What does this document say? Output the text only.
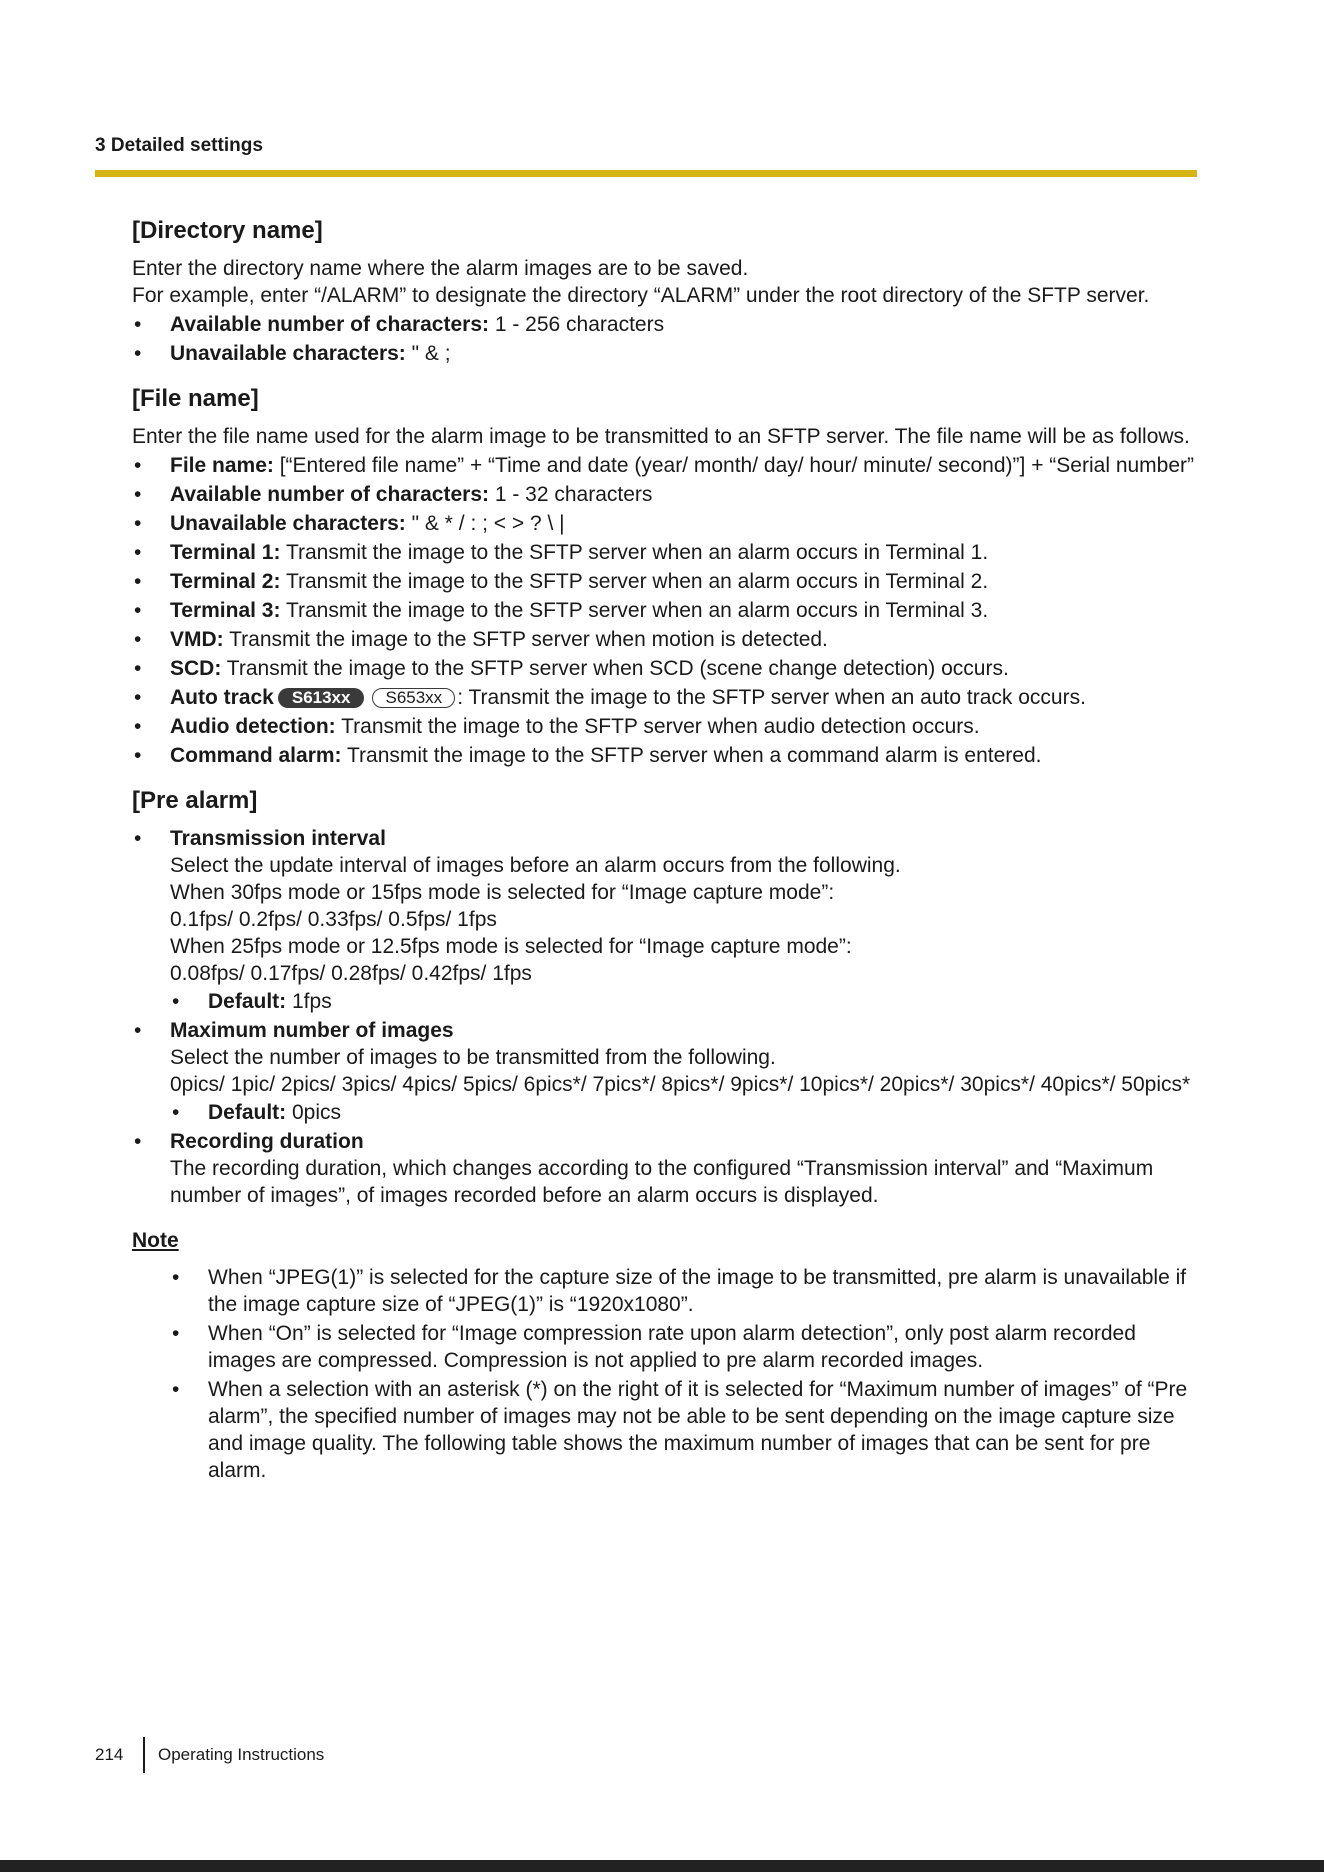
3 Detailed settings
[Directory name]

Enter the directory name where the alarm images are to be saved.

For example, enter “/ALARM” to designate the directory “ALARM” under the root directory of the SFTP server.

• Available number of characters: 1 - 256 characters
• Unavailable characters: " & ;
[File name]

Enter the file name used for the alarm image to be transmitted to an SFTP server. The file name will be as follows.

• File name: [“Entered file name” + “Time and date (year/ month/ day/ hour/ minute/ second)”] + “Serial number”
• Available number of characters: 1 - 32 characters
• Unavailable characters: " & * / : ; < > ? \ |
• Terminal 1: Transmit the image to the SFTP server when an alarm occurs in Terminal 1.
• Terminal 2: Transmit the image to the SFTP server when an alarm occurs in Terminal 2.
• Terminal 3: Transmit the image to the SFTP server when an alarm occurs in Terminal 3.
• VMD: Transmit the image to the SFTP server when motion is detected.
• SCD: Transmit the image to the SFTP server when SCD (scene change detection) occurs.
• Auto track S613xx S653xx : Transmit the image to the SFTP server when an auto track occurs.
• Audio detection: Transmit the image to the SFTP server when audio detection occurs.
• Command alarm: Transmit the image to the SFTP server when a command alarm is entered.
[Pre alarm]
• Transmission interval
Select the update interval of images before an alarm occurs from the following.
When 30fps mode or 15fps mode is selected for “Image capture mode”:
0.1fps/ 0.2fps/ 0.33fps/ 0.5fps/ 1fps
When 25fps mode or 12.5fps mode is selected for “Image capture mode”:
0.08fps/ 0.17fps/ 0.28fps/ 0.42fps/ 1fps
• Default: 1fps
• Maximum number of images
Select the number of images to be transmitted from the following.
0pics/ 1pic/ 2pics/ 3pics/ 4pics/ 5pics/ 6pics*/ 7pics*/ 8pics*/ 9pics*/ 10pics*/ 20pics*/ 30pics*/ 40pics*/ 50pics*
• Default: 0pics
• Recording duration
The recording duration, which changes according to the configured “Transmission interval” and “Maximum number of images”, of images recorded before an alarm occurs is displayed.
Note
• When “JPEG(1)” is selected for the capture size of the image to be transmitted, pre alarm is unavailable if the image capture size of “JPEG(1)” is “1920x1080”.
• When “On” is selected for “Image compression rate upon alarm detection”, only post alarm recorded images are compressed. Compression is not applied to pre alarm recorded images.
• When a selection with an asterisk (*) on the right of it is selected for “Maximum number of images” of “Pre alarm”, the specified number of images may not be able to be sent depending on the image capture size and image quality. The following table shows the maximum number of images that can be sent for pre alarm.
214 Operating Instructions
